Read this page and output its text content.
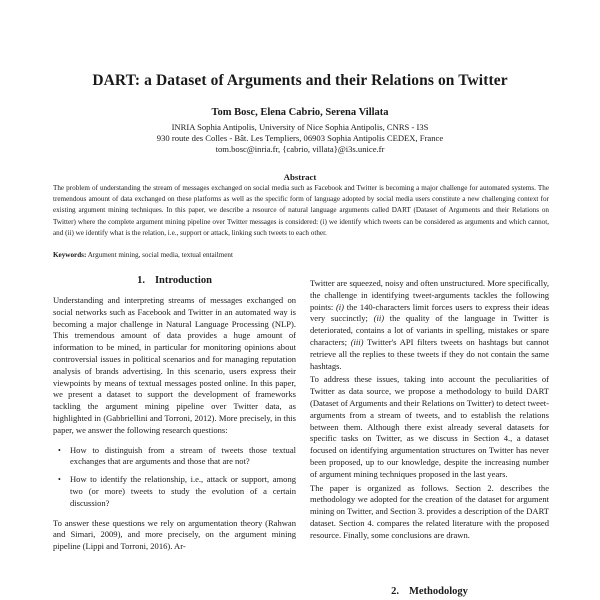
DART: a Dataset of Arguments and their Relations on Twitter
Tom Bosc, Elena Cabrio, Serena Villata
INRIA Sophia Antipolis, University of Nice Sophia Antipolis, CNRS - I3S
930 route des Colles - Bât. Les Templiers, 06903 Sophia Antipolis CEDEX, France
tom.bosc@inria.fr, {cabrio, villata}@i3s.unice.fr
Abstract
The problem of understanding the stream of messages exchanged on social media such as Facebook and Twitter is becoming a major challenge for automated systems. The tremendous amount of data exchanged on these platforms as well as the specific form of language adopted by social media users constitute a new challenging context for existing argument mining techniques. In this paper, we describe a resource of natural language arguments called DART (Dataset of Arguments and their Relations on Twitter) where the complete argument mining pipeline over Twitter messages is considered: (i) we identify which tweets can be considered as arguments and which cannot, and (ii) we identify what is the relation, i.e., support or attack, linking such tweets to each other.
Keywords: Argument mining, social media, textual entailment
1. Introduction

Understanding and interpreting streams of messages exchanged on social networks such as Facebook and Twitter in an automated way is becoming a major challenge in Natural Language Processing (NLP). This tremendous amount of data provides a huge amount of information to be mined, in particular for monitoring opinions about controversial issues in political scenarios and for managing reputation analysis of brands advertising. In this scenario, users express their viewpoints by means of textual messages posted online. In this paper, we present a dataset to support the development of frameworks tackling the argument mining pipeline over Twitter data, as highlighted in (Gabbriellini and Torroni, 2012). More precisely, in this paper, we answer the following research questions:

• How to distinguish from a stream of tweets those textual exchanges that are arguments and those that are not?
• How to identify the relationship, i.e., attack or support, among two (or more) tweets to study the evolution of a certain discussion?

To answer these questions we rely on argumentation theory (Rahwan and Simari, 2009), and more precisely, on the argument mining pipeline (Lippi and Torroni, 2016). Ar-

Twitter are squeezed, noisy and often unstructured. More specifically, the challenge in identifying tweet-arguments tackles the following points: (i) the 140-characters limit forces users to express their ideas very succinctly; (ii) the quality of the language in Twitter is deteriorated, contains a lot of variants in spelling, mistakes or spare characters; (iii) Twitter's API filters tweets on hashtags but cannot retrieve all the replies to these tweets if they do not contain the same hashtags.

To address these issues, taking into account the peculiarities of Twitter as data source, we propose a methodology to build DART (Dataset of Arguments and their Relations on Twitter) to detect tweet-arguments from a stream of tweets, and to establish the relations between them. Although there exist already several datasets for specific tasks on Twitter, as we discuss in Section 4., a dataset focused on identifying argumentation structures on Twitter has never been proposed, up to our knowledge, despite the increasing number of argument mining techniques proposed in the last years.

The paper is organized as follows. Section 2. describes the methodology we adopted for the creation of the dataset for argument mining on Twitter, and Section 3. provides a description of the DART dataset. Section 4. compares the related literature with the proposed resource. Finally, some conclusions are drawn.

2. Methodology
